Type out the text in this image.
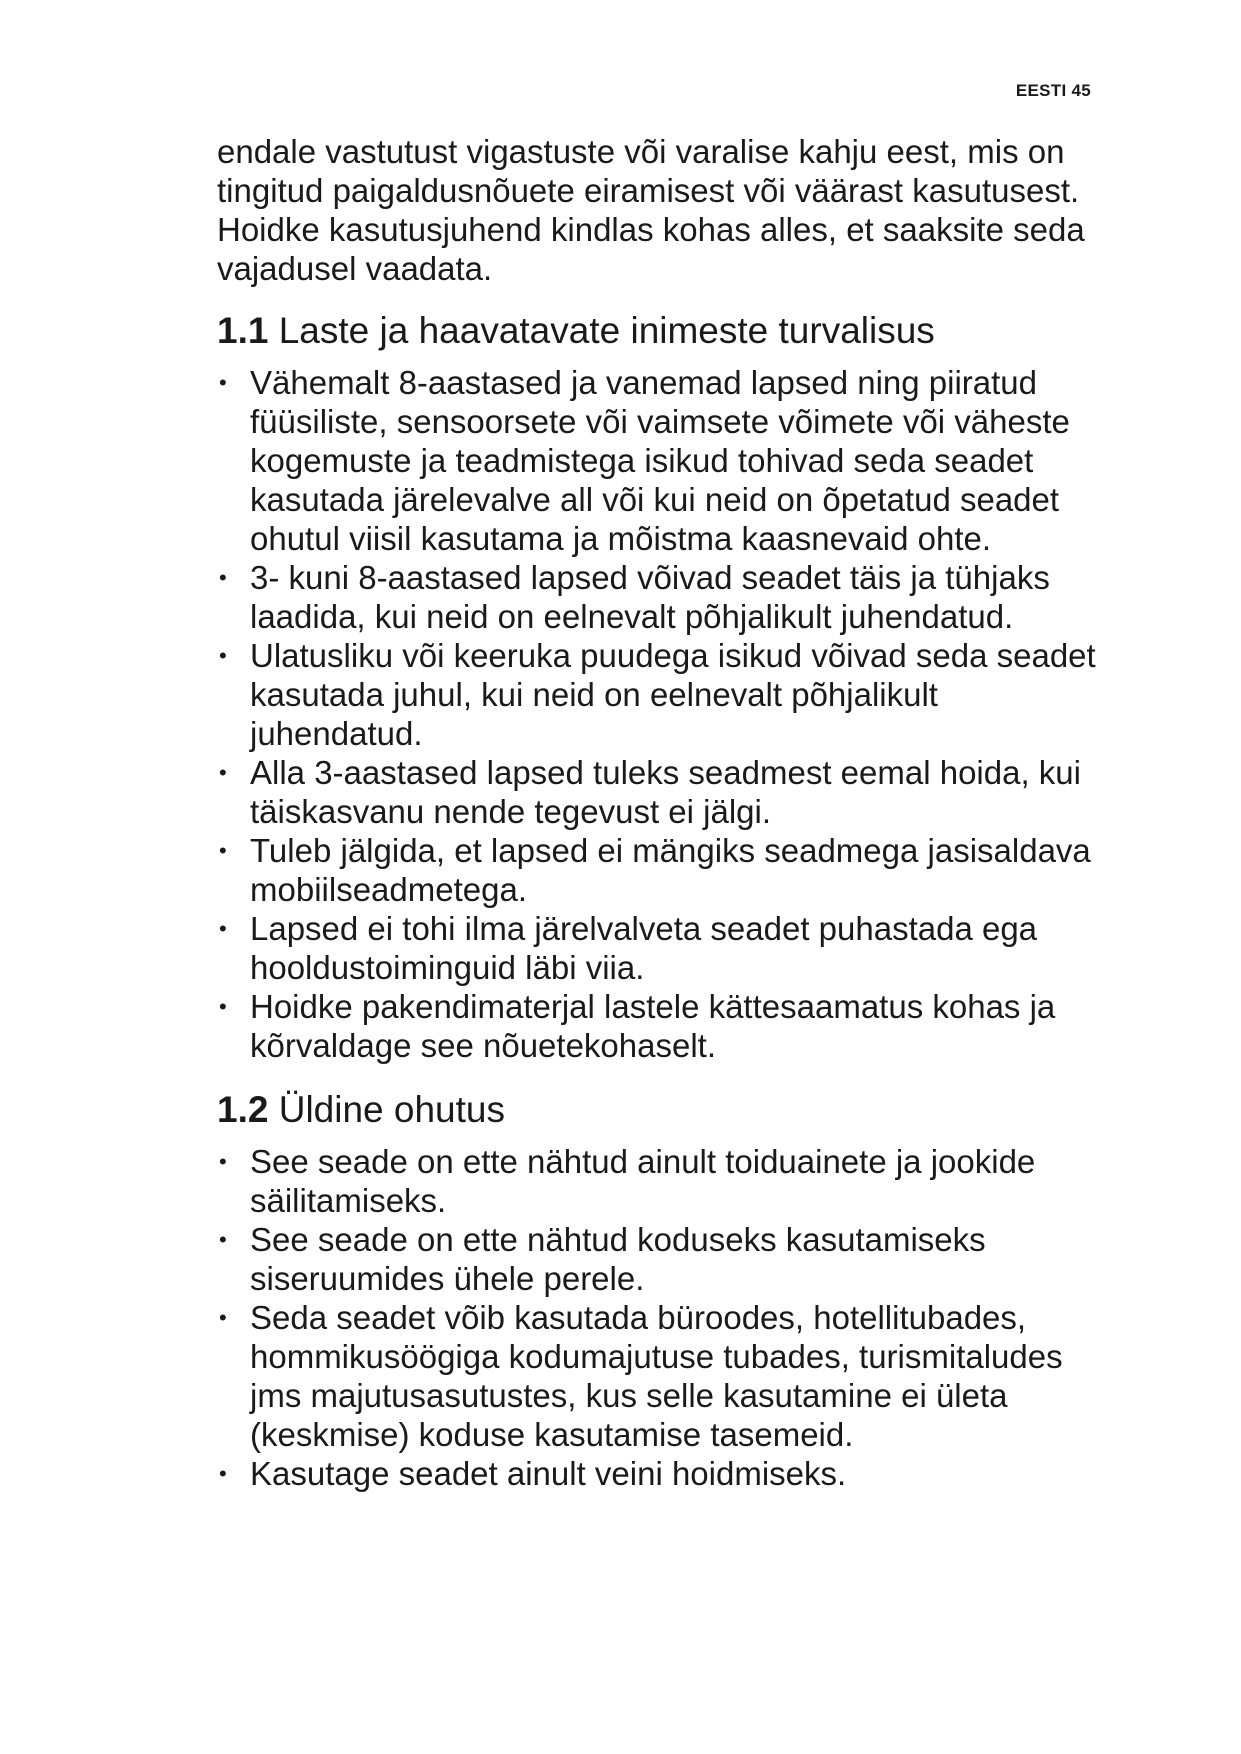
EESTI 45

endale vastutust vigastuste või varalise kahju eest, mis on tingitud paigaldusnõuete eiramisest või väärast kasutusest. Hoidke kasutusjuhend kindlas kohas alles, et saaksite seda vajadusel vaadata.

1.1 Laste ja haavatavate inimeste turvalisus
• Vähemalt 8-aastased ja vanemad lapsed ning piiratud füüsiliste, sensoorsete või vaimsete võimete või väheste kogemuste ja teadmistega isikud tohivad seda seadet kasutada järelevalve all või kui neid on õpetatud seadet ohutul viisil kasutama ja mõistma kaasnevaid ohte.
• 3- kuni 8-aastased lapsed võivad seadet täis ja tühjaks laadida, kui neid on eelnevalt põhjalikult juhendatud.
• Ulatusliku või keeruka puudega isikud võivad seda seadet kasutada juhul, kui neid on eelnevalt põhjalikult juhendatud.
• Alla 3-aastased lapsed tuleks seadmest eemal hoida, kui täiskasvanu nende tegevust ei jälgi.
• Tuleb jälgida, et lapsed ei mängiks seadmega jasisaldava mobiilseadmetega.
• Lapsed ei tohi ilma järelvalveta seadet puhastada ega hooldustoiminguid läbi viia.
• Hoidke pakendimaterjal lastele kättesaamatus kohas ja kõrvaldage see nõuetekohaselt.
1.2 Üldine ohutus
• See seade on ette nähtud ainult toiduainete ja jookide säilitamiseks.
• See seade on ette nähtud koduseks kasutamiseks siseruumides ühele perele.
• Seda seadet võib kasutada büroodes, hotellitubades, hommikusöögiga kodumajutuse tubades, turismitaludes jms majutusasutustes, kus selle kasutamine ei ületa (keskmise) koduse kasutamise tasemeid.
• Kasutage seadet ainult veini hoidmiseks.
